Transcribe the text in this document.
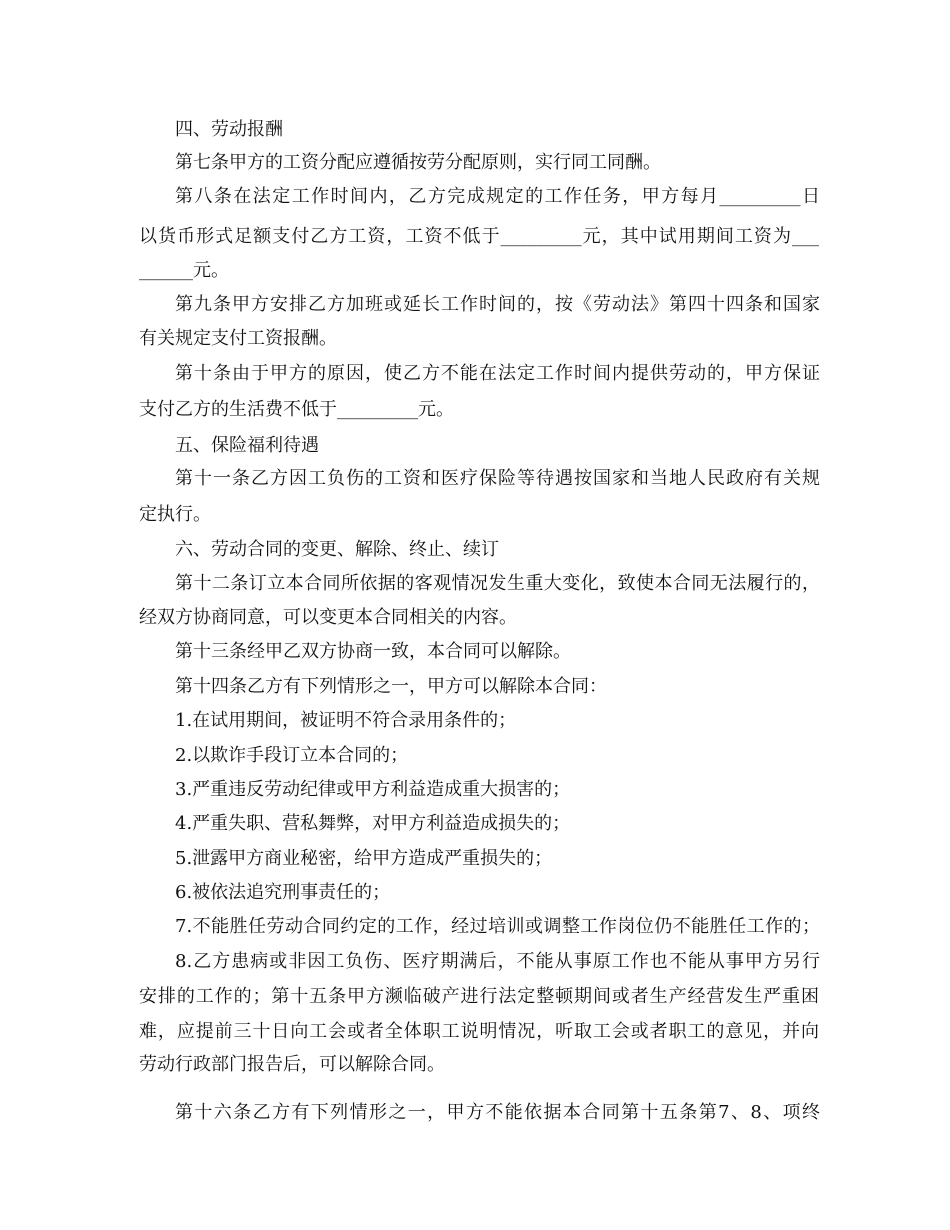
四、劳动报酬
第七条甲方的工资分配应遵循按劳分配原则，实行同工同酬。
第八条在法定工作时间内，乙方完成规定的工作任务，甲方每月_________日
以货币形式足额支付乙方工资，工资不低于_________元，其中试用期间工资为___
______元。
第九条甲方安排乙方加班或延长工作时间的，按《劳动法》第四十四条和国家
有关规定支付工资报酬。
第十条由于甲方的原因，使乙方不能在法定工作时间内提供劳动的，甲方保证
支付乙方的生活费不低于_________元。
五、保险福利待遇
第十一条乙方因工负伤的工资和医疗保险等待遇按国家和当地人民政府有关规
定执行。
六、劳动合同的变更、解除、终止、续订
第十二条订立本合同所依据的客观情况发生重大变化，致使本合同无法履行的，
经双方协商同意，可以变更本合同相关的内容。
第十三条经甲乙双方协商一致，本合同可以解除。
第十四条乙方有下列情形之一，甲方可以解除本合同：
1.在试用期间，被证明不符合录用条件的；
2.以欺诈手段订立本合同的；
3.严重违反劳动纪律或甲方利益造成重大损害的；
4.严重失职、营私舞弊，对甲方利益造成损失的；
5.泄露甲方商业秘密，给甲方造成严重损失的；
6.被依法追究刑事责任的；
7.不能胜任劳动合同约定的工作，经过培训或调整工作岗位仍不能胜任工作的；
8.乙方患病或非因工负伤、医疗期满后，不能从事原工作也不能从事甲方另行
安排的工作的；第十五条甲方濒临破产进行法定整顿期间或者生产经营发生严重困
难，应提前三十日向工会或者全体职工说明情况，听取工会或者职工的意见，并向
劳动行政部门报告后，可以解除合同。
第十六条乙方有下列情形之一，甲方不能依据本合同第十五条第7、8、项终
